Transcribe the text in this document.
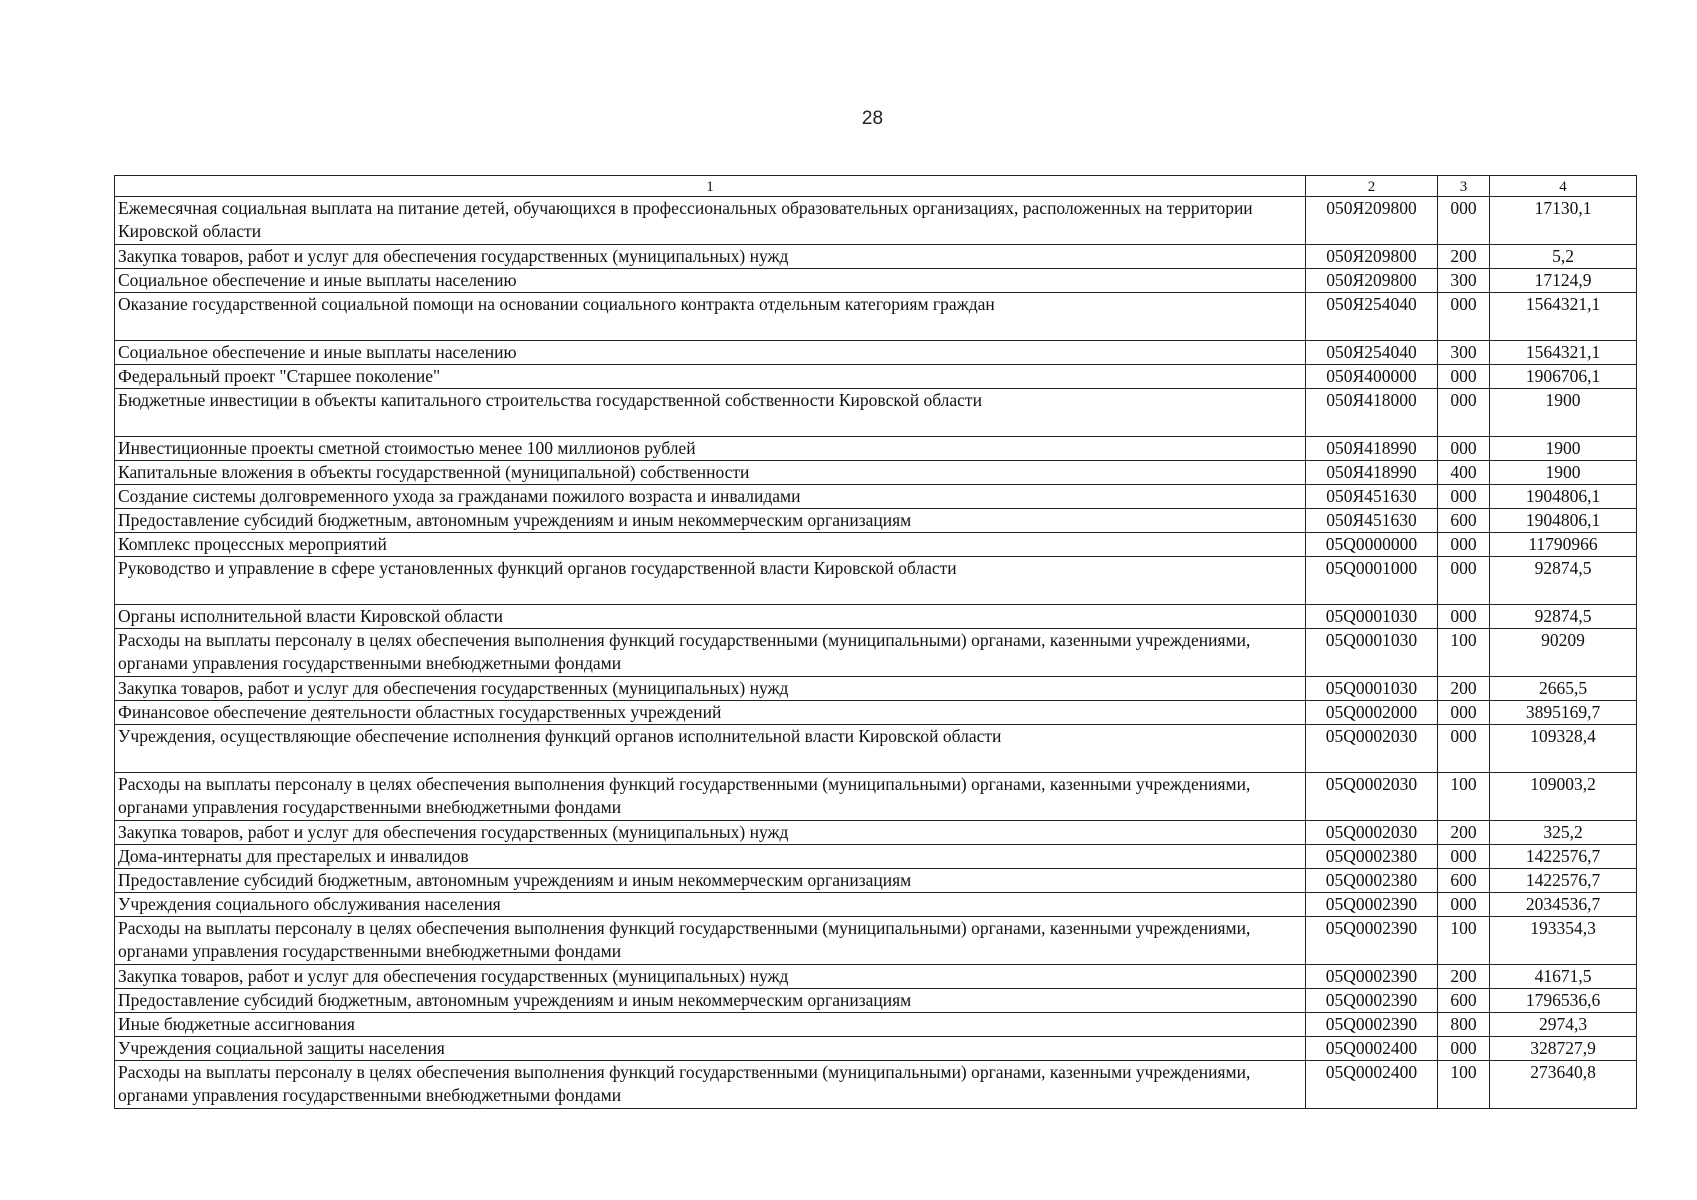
28
1	2	3	4
Ежемесячная социальная выплата на питание детей, обучающихся в профессиональных образовательных организациях, расположенных на территории Кировской области	050Я209800	000	17130,1
Закупка товаров, работ и услуг для обеспечения государственных (муниципальных) нужд	050Я209800	200	5,2
Социальное обеспечение и иные выплаты населению	050Я209800	300	17124,9
Оказание государственной социальной помощи на основании социального контракта отдельным категориям граждан	050Я254040	000	1564321,1
Социальное обеспечение и иные выплаты населению	050Я254040	300	1564321,1
Федеральный проект "Старшее поколение"	050Я400000	000	1906706,1
Бюджетные инвестиции в объекты капитального строительства государственной собственности Кировской области	050Я418000	000	1900
Инвестиционные проекты сметной стоимостью менее 100 миллионов рублей	050Я418990	000	1900
Капитальные вложения в объекты государственной (муниципальной) собственности	050Я418990	400	1900
Создание системы долговременного ухода за гражданами пожилого возраста и инвалидами	050Я451630	000	1904806,1
Предоставление субсидий бюджетным, автономным учреждениям и иным некоммерческим организациям	050Я451630	600	1904806,1
Комплекс процессных мероприятий	05Q0000000	000	11790966
Руководство и управление в сфере установленных функций органов государственной власти Кировской области	05Q0001000	000	92874,5
Органы исполнительной власти Кировской области	05Q0001030	000	92874,5
Расходы на выплаты персоналу в целях обеспечения выполнения функций государственными (муниципальными) органами, казенными учреждениями, органами управления государственными внебюджетными фондами	05Q0001030	100	90209
Закупка товаров, работ и услуг для обеспечения государственных (муниципальных) нужд	05Q0001030	200	2665,5
Финансовое обеспечение деятельности областных государственных учреждений	05Q0002000	000	3895169,7
Учреждения, осуществляющие обеспечение исполнения функций органов исполнительной власти Кировской области	05Q0002030	000	109328,4
Расходы на выплаты персоналу в целях обеспечения выполнения функций государственными (муниципальными) органами, казенными учреждениями, органами управления государственными внебюджетными фондами	05Q0002030	100	109003,2
Закупка товаров, работ и услуг для обеспечения государственных (муниципальных) нужд	05Q0002030	200	325,2
Дома-интернаты для престарелых и инвалидов	05Q0002380	000	1422576,7
Предоставление субсидий бюджетным, автономным учреждениям и иным некоммерческим организациям	05Q0002380	600	1422576,7
Учреждения социального обслуживания населения	05Q0002390	000	2034536,7
Расходы на выплаты персоналу в целях обеспечения выполнения функций государственными (муниципальными) органами, казенными учреждениями, органами управления государственными внебюджетными фондами	05Q0002390	100	193354,3
Закупка товаров, работ и услуг для обеспечения государственных (муниципальных) нужд	05Q0002390	200	41671,5
Предоставление субсидий бюджетным, автономным учреждениям и иным некоммерческим организациям	05Q0002390	600	1796536,6
Иные бюджетные ассигнования	05Q0002390	800	2974,3
Учреждения социальной защиты населения	05Q0002400	000	328727,9
Расходы на выплаты персоналу в целях обеспечения выполнения функций государственными (муниципальными) органами, казенными учреждениями, органами управления государственными внебюджетными фондами	05Q0002400	100	273640,8
